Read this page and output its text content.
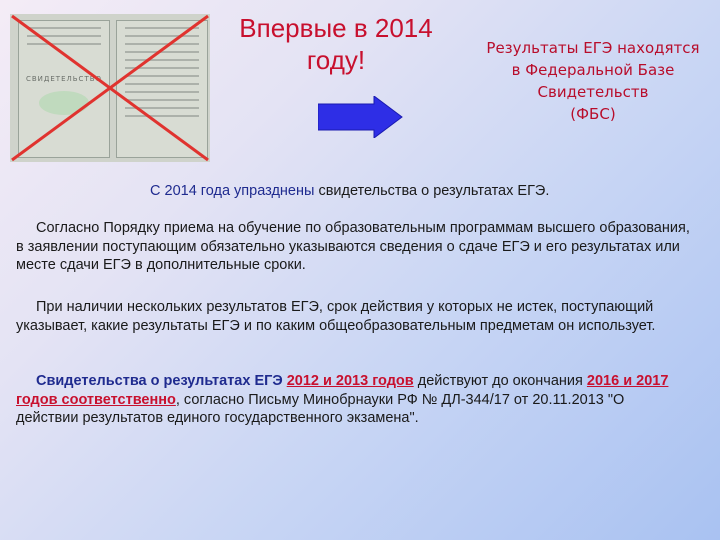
СВИДЕТЕЛЬСТВО
Впервые в 2014
году!	Результаты ЕГЭ находятся
в Федеральной Базе
Свидетельств
(ФБС)
С 2014 года упразднены свидетельства о результатах ЕГЭ.
Согласно Порядку приема на обучение по образовательным программам высшего образования, в заявлении поступающим обязательно указываются сведения о сдаче ЕГЭ и его результатах или месте сдачи ЕГЭ в дополнительные сроки.
При наличии нескольких результатов ЕГЭ, срок действия у которых не истек, поступающий указывает, какие результаты ЕГЭ и по каким общеобразовательным предметам он использует.
Свидетельства о результатах ЕГЭ 2012 и 2013 годов действуют до окончания 2016 и 2017 годов соответственно, согласно Письму Минобрнауки РФ № ДЛ-344/17 от 20.11.2013 "О действии результатов единого государственного экзамена".
